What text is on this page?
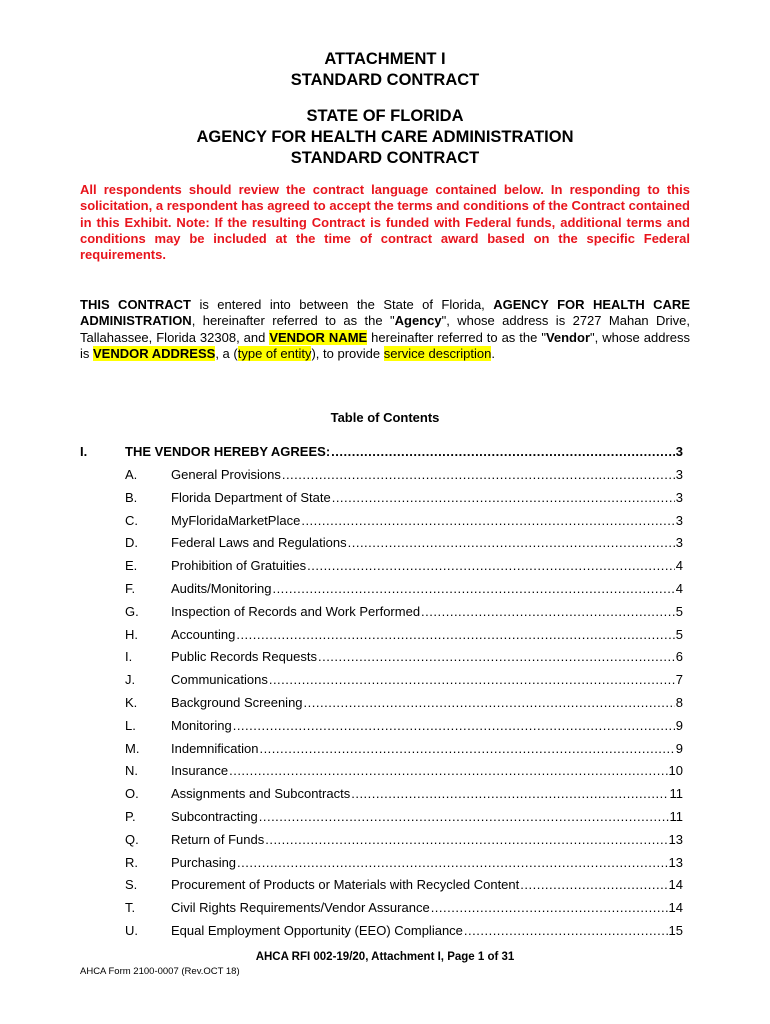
ATTACHMENT I
STANDARD CONTRACT
STATE OF FLORIDA
AGENCY FOR HEALTH CARE ADMINISTRATION
STANDARD CONTRACT
All respondents should review the contract language contained below. In responding to this solicitation, a respondent has agreed to accept the terms and conditions of the Contract contained in this Exhibit. Note: If the resulting Contract is funded with Federal funds, additional terms and conditions may be included at the time of contract award based on the specific Federal requirements.
THIS CONTRACT is entered into between the State of Florida, AGENCY FOR HEALTH CARE ADMINISTRATION, hereinafter referred to as the "Agency", whose address is 2727 Mahan Drive, Tallahassee, Florida 32308, and VENDOR NAME hereinafter referred to as the "Vendor", whose address is VENDOR ADDRESS, a (type of entity), to provide service description.
Table of Contents
I.	THE VENDOR HEREBY AGREES: .....	3
A.	General Provisions .....	3
B.	Florida Department of State .....	3
C.	MyFloridaMarketPlace .....	3
D.	Federal Laws and Regulations .....	3
E.	Prohibition of Gratuities .....	4
F.	Audits/Monitoring .....	4
G.	Inspection of Records and Work Performed .....	5
H.	Accounting .....	5
I.	Public Records Requests .....	6
J.	Communications .....	7
K.	Background Screening .....	8
L.	Monitoring .....	9
M.	Indemnification .....	9
N.	Insurance .....	10
O.	Assignments and Subcontracts .....	11
P.	Subcontracting .....	11
Q.	Return of Funds .....	13
R.	Purchasing .....	13
S.	Procurement of Products or Materials with Recycled Content .....	14
T.	Civil Rights Requirements/Vendor Assurance .....	14
U.	Equal Employment Opportunity (EEO) Compliance .....	15
AHCA RFI 002-19/20, Attachment I, Page 1 of 31
AHCA Form 2100-0007 (Rev.OCT 18)
